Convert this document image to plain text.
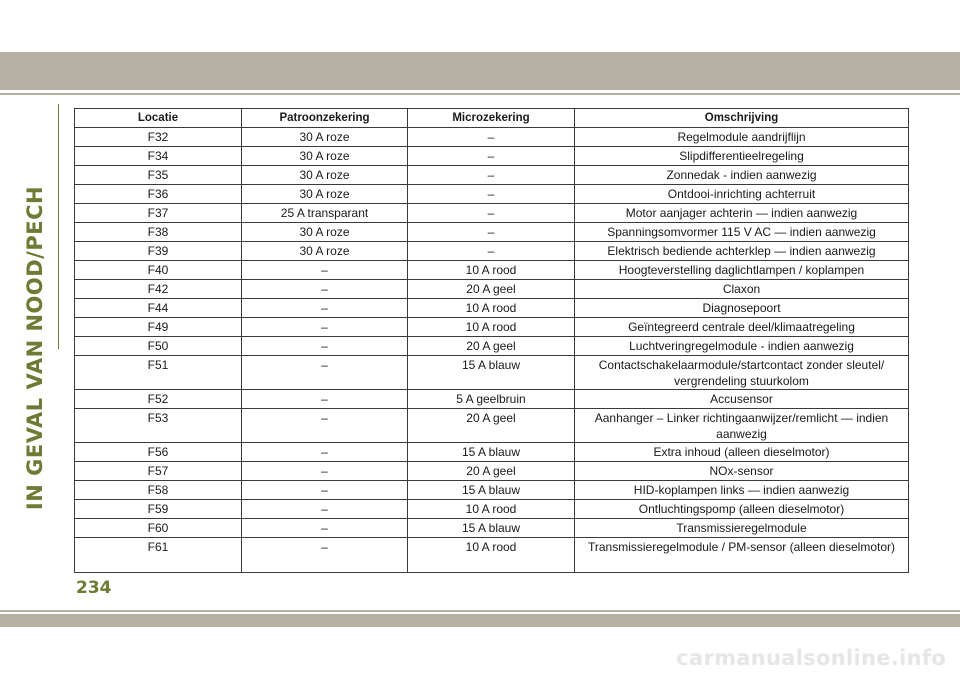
IN GEVAL VAN NOOD/PECH
Locatie	Patroonzekering	Microzekering	Omschrijving
F32	30 A roze	–	Regelmodule aandrijflijn
F34	30 A roze	–	Slipdifferentieelregeling
F35	30 A roze	–	Zonnedak - indien aanwezig
F36	30 A roze	–	Ontdooi-inrichting achterruit
F37	25 A transparant	–	Motor aanjager achterin — indien aanwezig
F38	30 A roze	–	Spanningsomvormer 115 V AC — indien aanwezig
F39	30 A roze	–	Elektrisch bediende achterklep — indien aanwezig
F40	–	10 A rood	Hoogteverstelling daglichtlampen / koplampen
F42	–	20 A geel	Claxon
F44	–	10 A rood	Diagnosepoort
F49	–	10 A rood	Geïntegreerd centrale deel/klimaatregeling
F50	–	20 A geel	Luchtveringregelmodule - indien aanwezig
F51	–	15 A blauw	Contactschakelaarmodule/startcontact zonder sleutel/ vergrendeling stuurkolom
F52	–	5 A geelbruin	Accusensor
F53	–	20 A geel	Aanhanger – Linker richtingaanwijzer/remlicht — indien aanwezig
F56	–	15 A blauw	Extra inhoud (alleen dieselmotor)
F57	–	20 A geel	NOx-sensor
F58	–	15 A blauw	HID-koplampen links — indien aanwezig
F59	–	10 A rood	Ontluchtingspomp (alleen dieselmotor)
F60	–	15 A blauw	Transmissieregelmodule
F61	–	10 A rood	Transmissieregelmodule / PM-sensor (alleen dieselmotor)
234
carmanualsonline.info
